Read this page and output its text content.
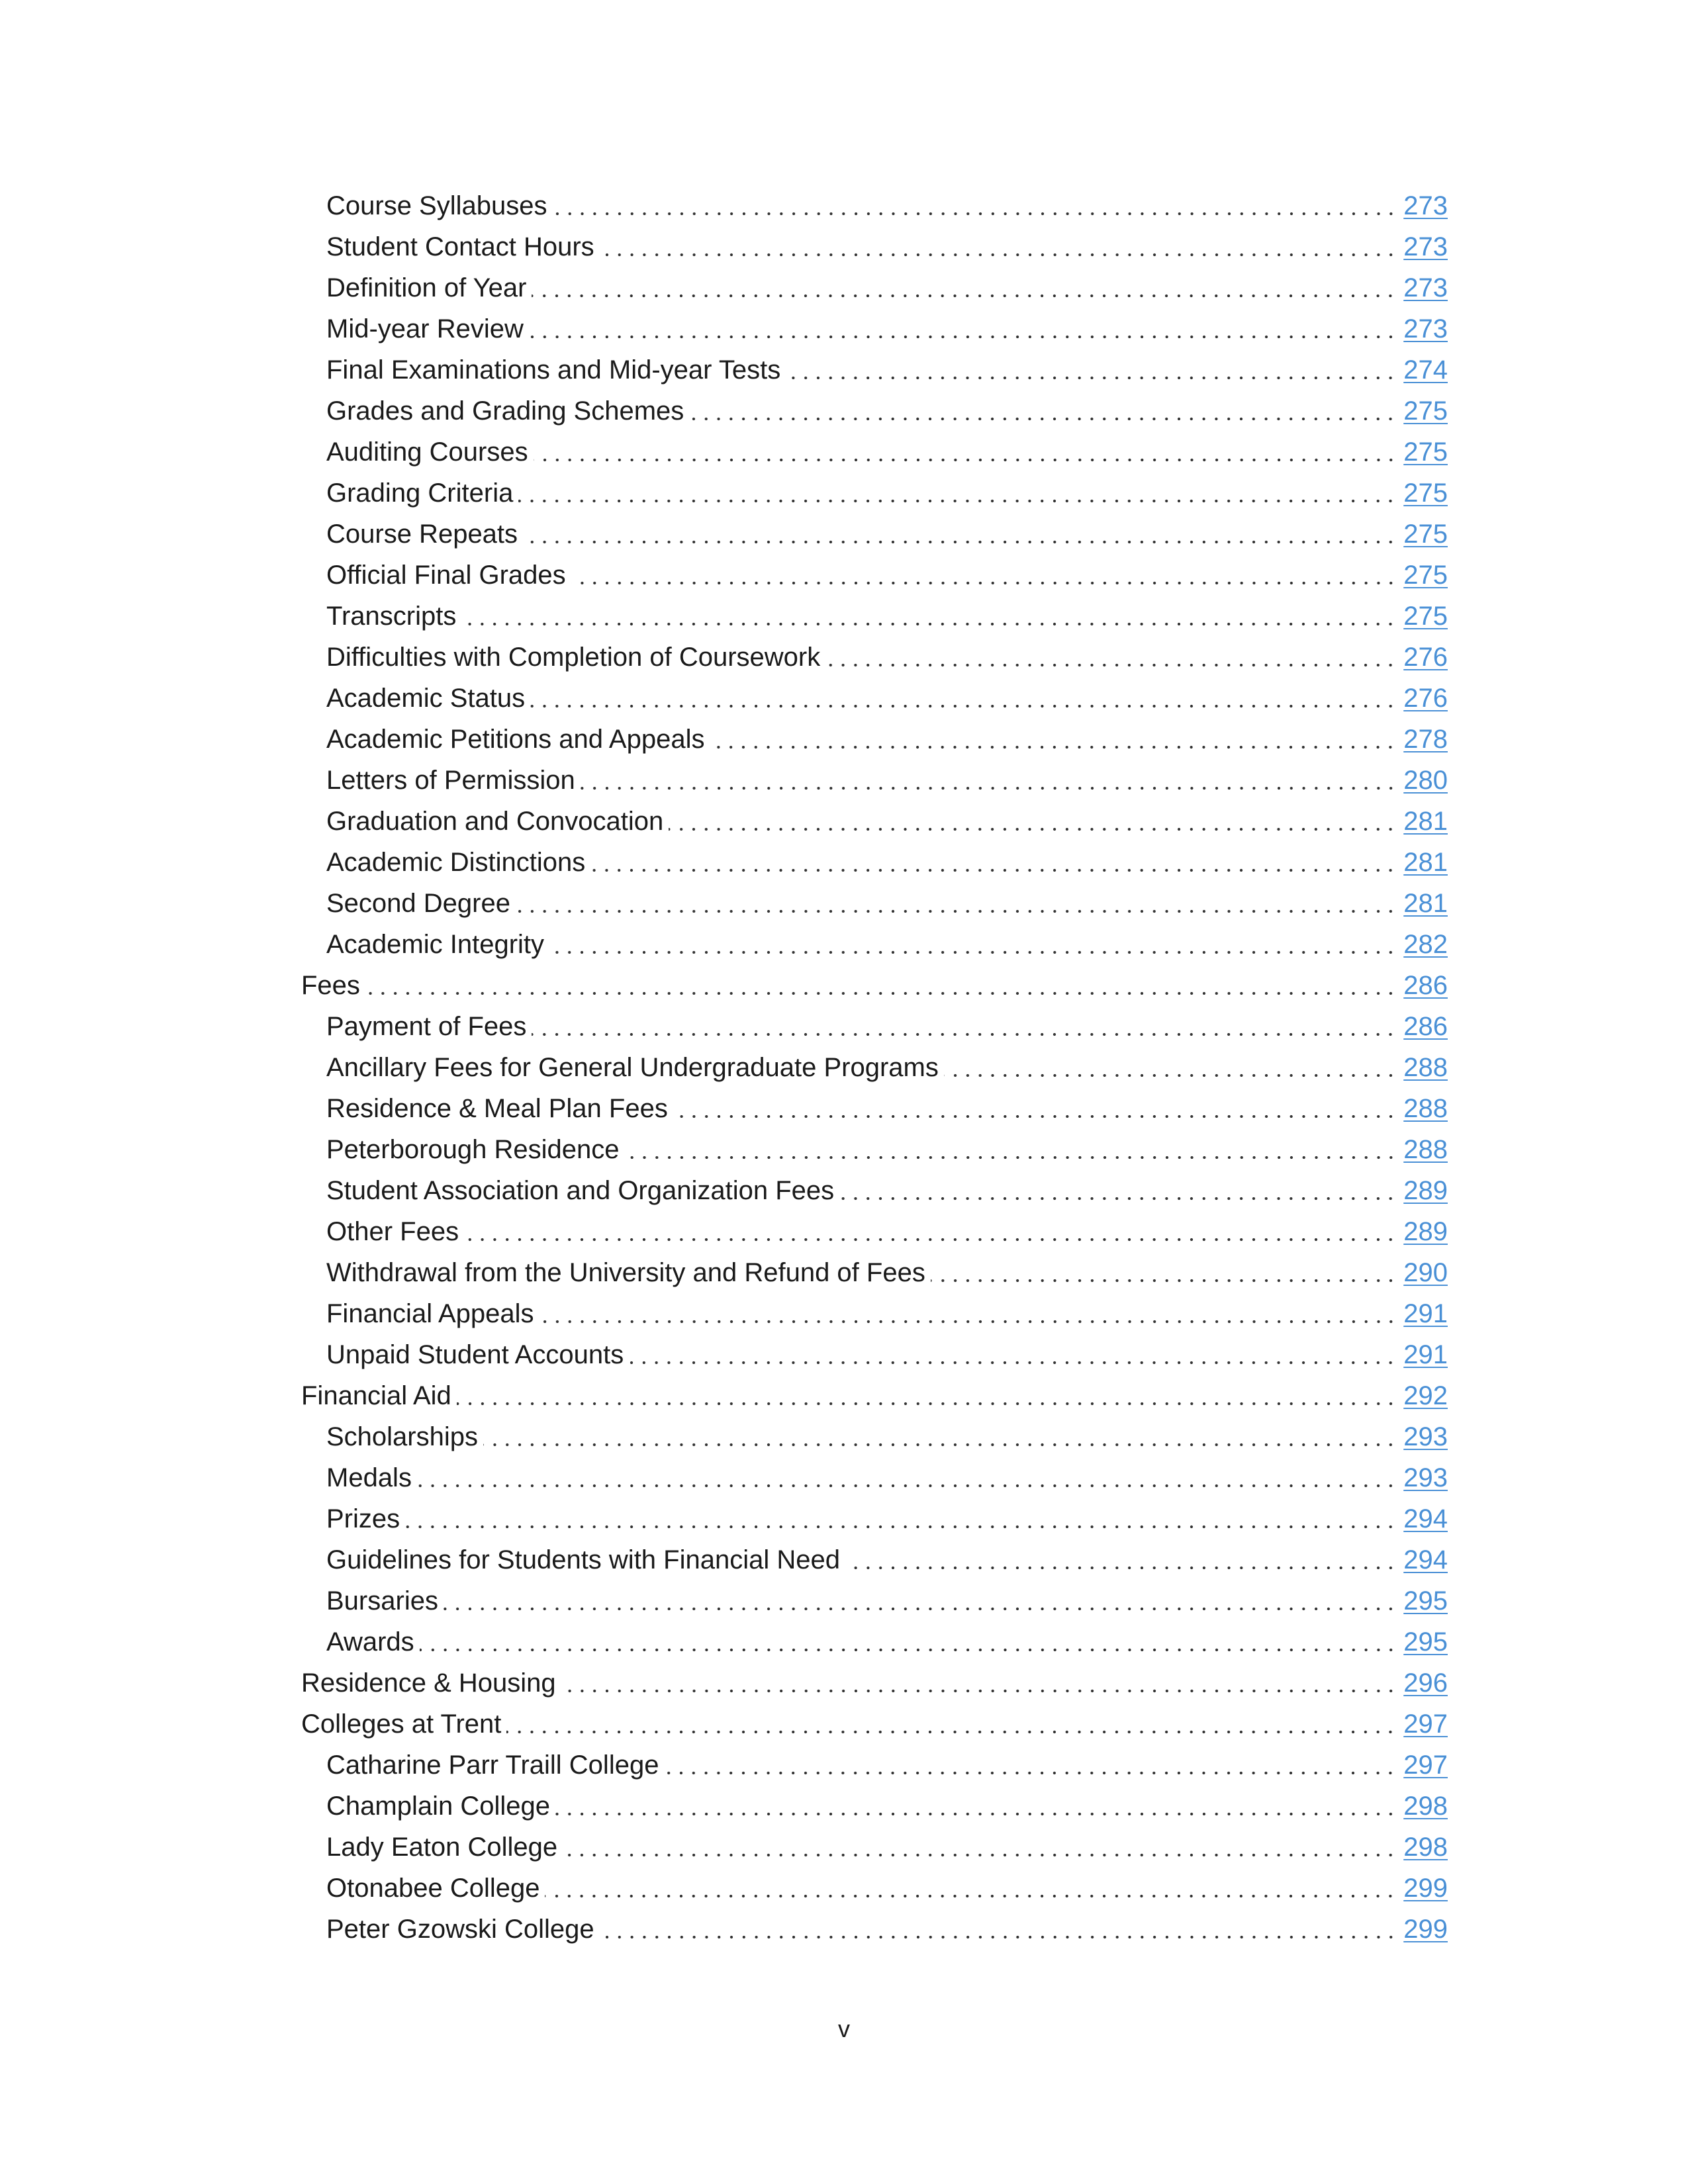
Course Syllabuses	273
Student Contact Hours	273
Definition of Year	273
Mid-year Review	273
Final Examinations and Mid-year Tests	274
Grades and Grading Schemes	275
Auditing Courses	275
Grading Criteria	275
Course Repeats	275
Official Final Grades	275
Transcripts	275
Difficulties with Completion of Coursework	276
Academic Status	276
Academic Petitions and Appeals	278
Letters of Permission	280
Graduation and Convocation	281
Academic Distinctions	281
Second Degree	281
Academic Integrity	282
Fees	286
Payment of Fees	286
Ancillary Fees for General Undergraduate Programs	288
Residence & Meal Plan Fees	288
Peterborough Residence	288
Student Association and Organization Fees	289
Other Fees	289
Withdrawal from the University and Refund of Fees	290
Financial Appeals	291
Unpaid Student Accounts	291
Financial Aid	292
Scholarships	293
Medals	293
Prizes	294
Guidelines for Students with Financial Need	294
Bursaries	295
Awards	295
Residence & Housing	296
Colleges at Trent	297
Catharine Parr Traill College	297
Champlain College	298
Lady Eaton College	298
Otonabee College	299
Peter Gzowski College	299
v
